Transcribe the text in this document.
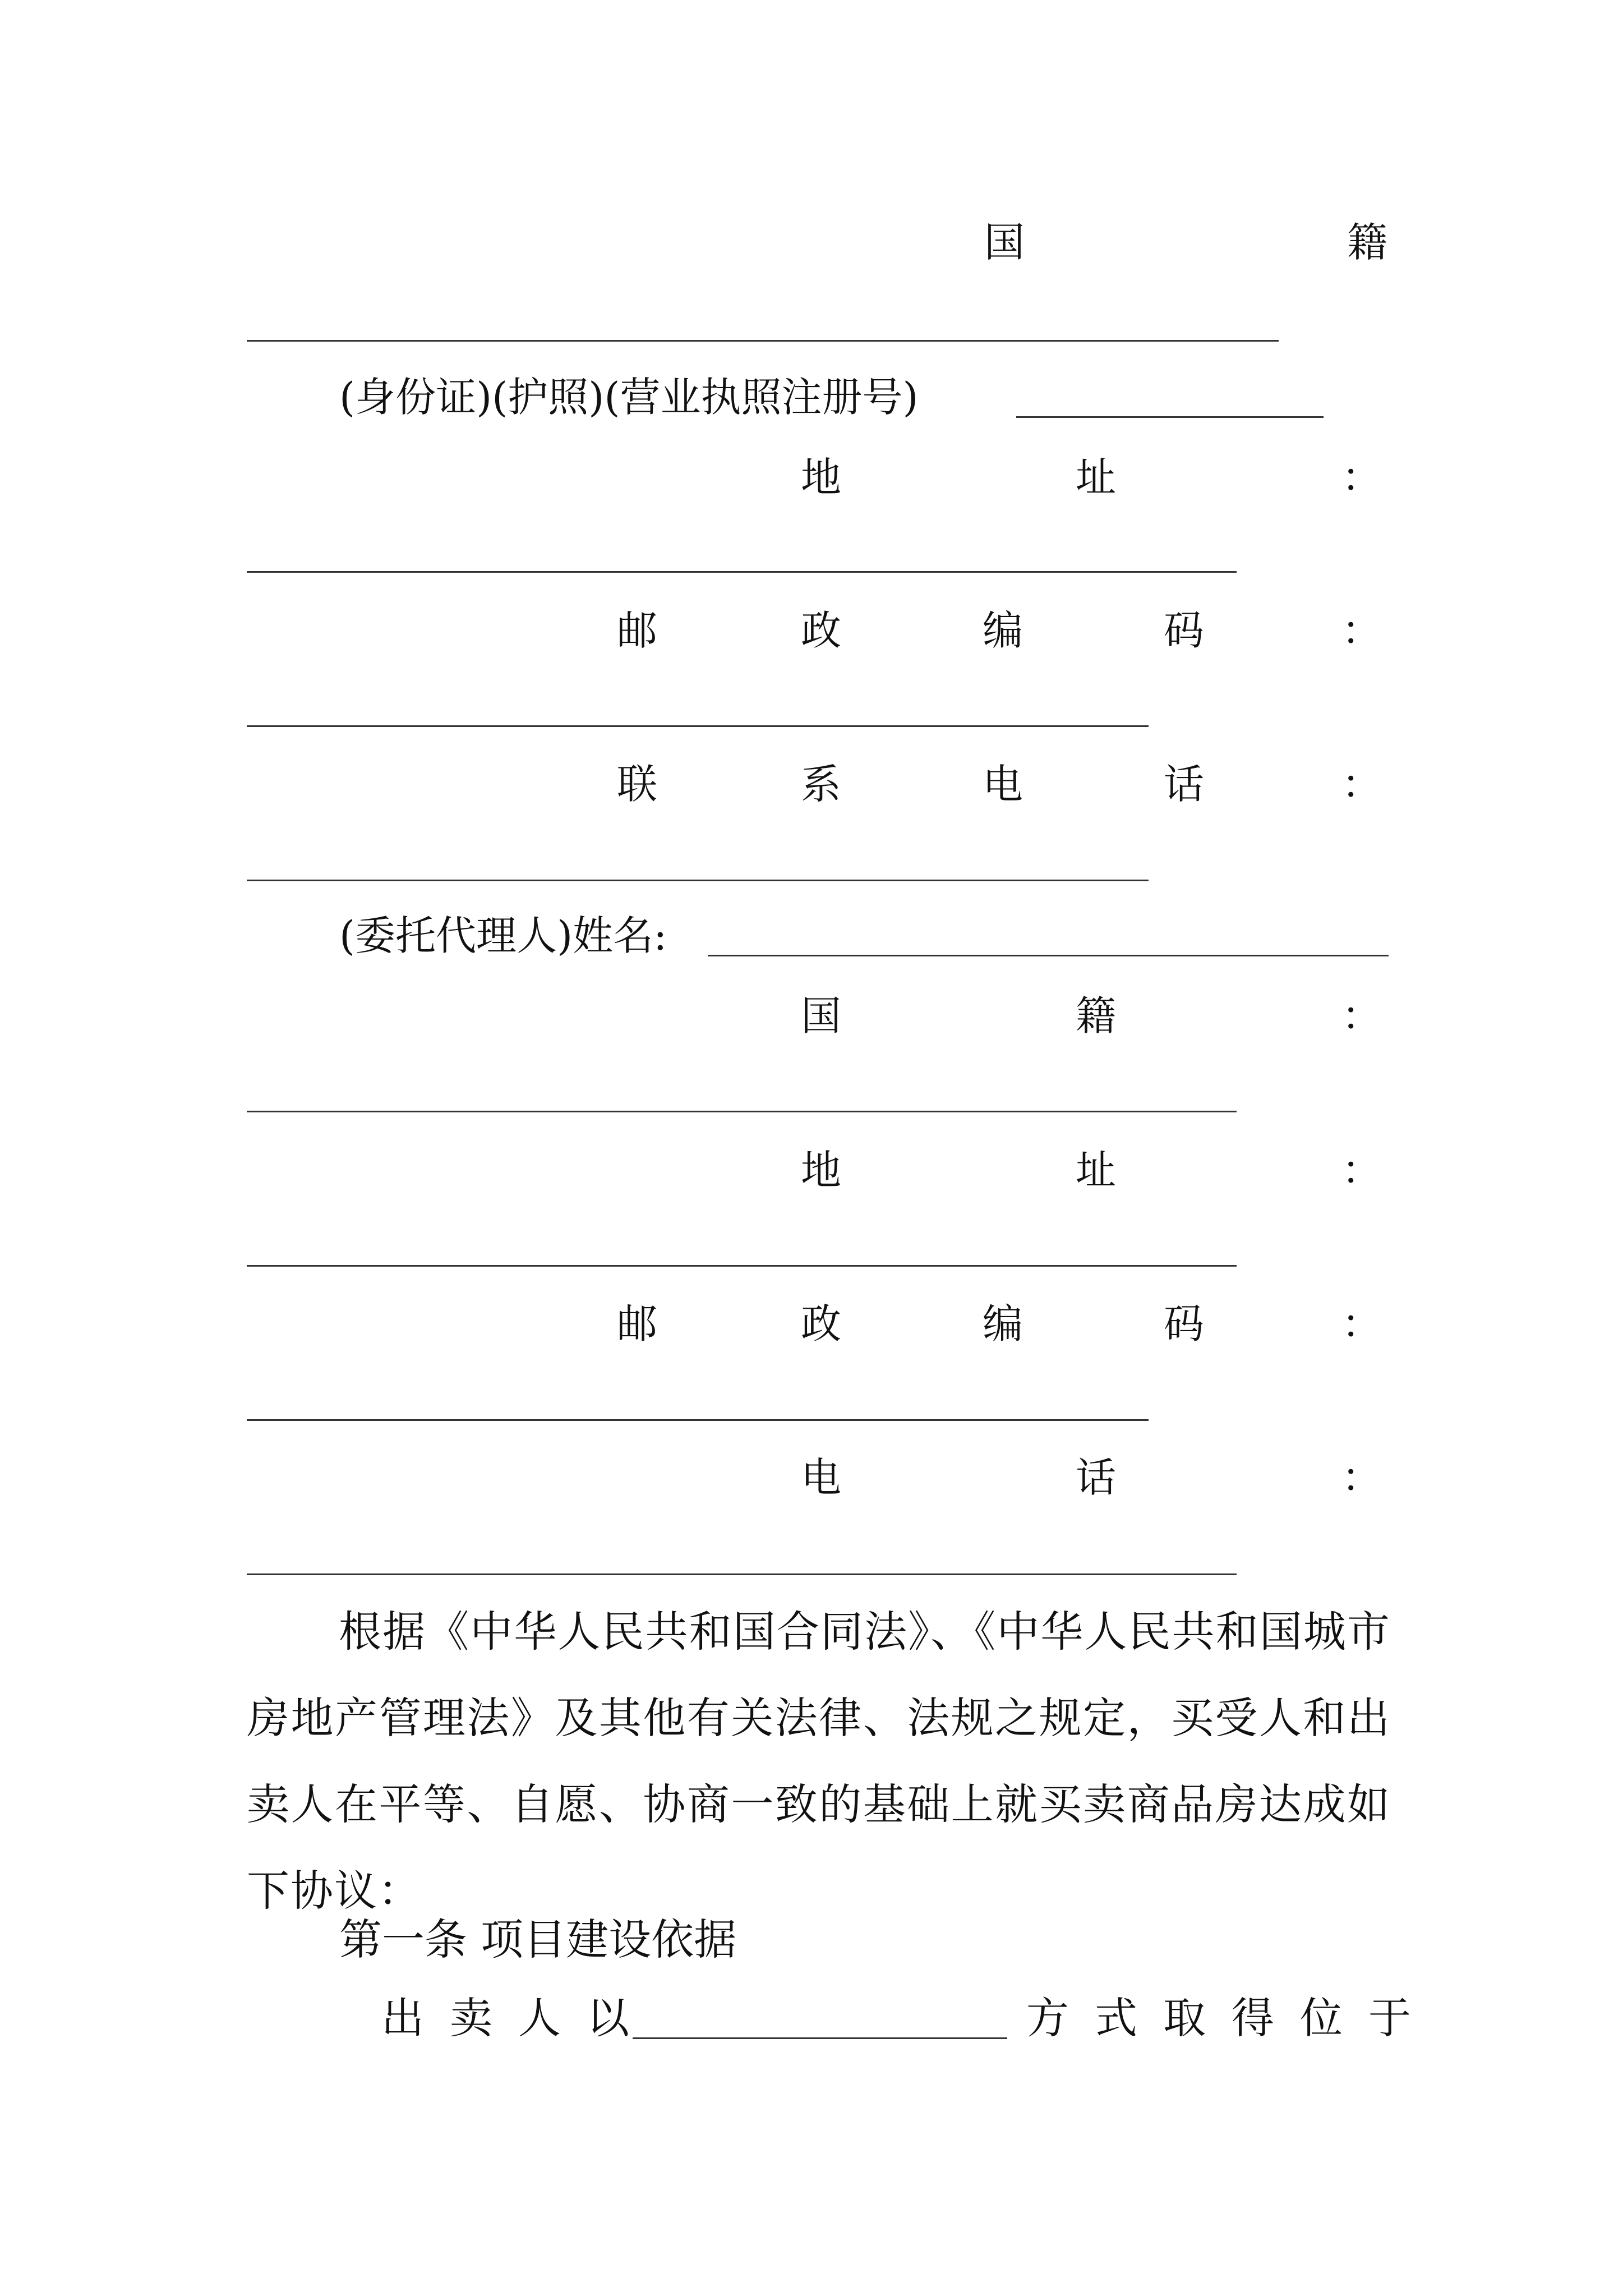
国	籍
(身份证)(护照)(营业执照注册号)
地	址	：
邮	政	编	码	：
联	系	电	话	：
(委托代理人)姓名:
国	籍	：
地	址	：
邮	政	编	码	：
电	话	：

根据《中华人民共和国合同法》、《中华人民共和国城市房地产管理法》及其他有关法律、法规之规定，买受人和出卖人在平等、自愿、协商一致的基础上就买卖商品房达成如下协议：

第一条 项目建设依据
出卖人以	方式取得位于
